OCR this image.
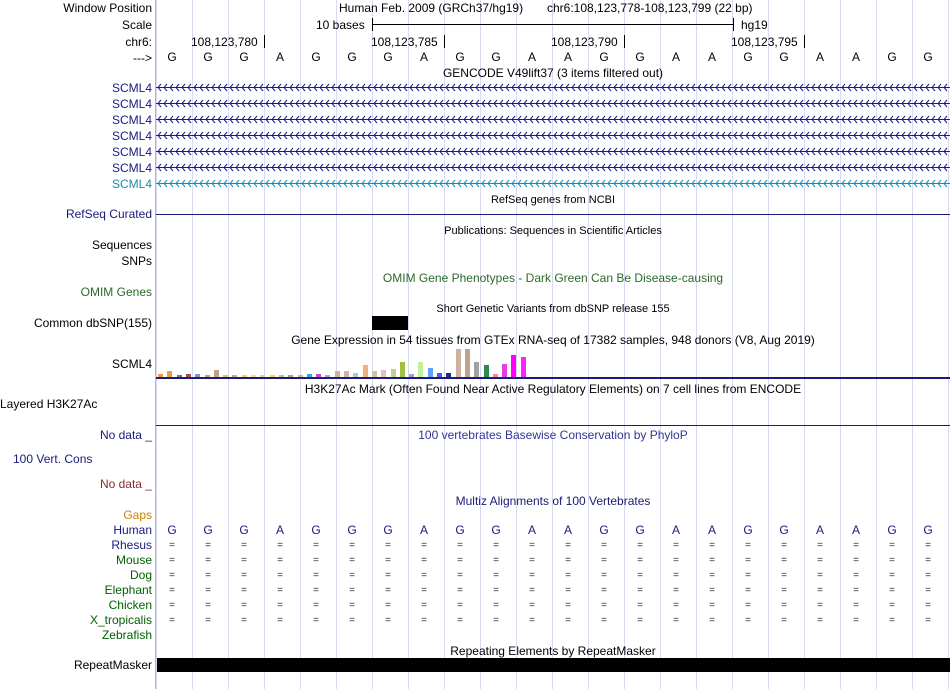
Window Position	Human Feb. 2009 (GRCh37/hg19) chr6:108,123,778-108,123,799 (22 bp)
Scale	10 bases	hg19
chr6:	108,123,780	108,123,785	108,123,790	108,123,795
--->	G	G	G	A	G	G	G	A	G	G	A	A	G	G	A	A	G	G	A	A	G	G
GENCODE V49lift37 (3 items filtered out)
SCML4
SCML4
SCML4
SCML4
SCML4
SCML4
SCML4
RefSeq genes from NCBI
RefSeq Curated
Publications: Sequences in Scientific Articles
Sequences
SNPs
OMIM Gene Phenotypes - Dark Green Can Be Disease-causing
OMIM Genes
Short Genetic Variants from dbSNP release 155
Common dbSNP(155)
Gene Expression in 54 tissues from GTEx RNA-seq of 17382 samples, 948 donors (V8, Aug 2019)
SCML4
H3K27Ac Mark (Often Found Near Active Regulatory Elements) on 7 cell lines from ENCODE
Layered H3K27Ac
No data _	100 vertebrates Basewise Conservation by PhyloP
100 Vert. Cons
No data _
Multiz Alignments of 100 Vertebrates
Gaps
Human	G	G	G	A	G	G	G	A	G	G	A	A	G	G	A	A	G	G	A	A	G	G
Rhesus	=	=	=	=	=	=	=	=	=	=	=	=	=	=	=	=	=	=	=	=	=	=
Mouse	=	=	=	=	=	=	=	=	=	=	=	=	=	=	=	=	=	=	=	=	=	=
Dog	=	=	=	=	=	=	=	=	=	=	=	=	=	=	=	=	=	=	=	=	=	=
Elephant	=	=	=	=	=	=	=	=	=	=	=	=	=	=	=	=	=	=	=	=	=	=
Chicken	=	=	=	=	=	=	=	=	=	=	=	=	=	=	=	=	=	=	=	=	=	=
X_tropicalis	=	=	=	=	=	=	=	=	=	=	=	=	=	=	=	=	=	=	=	=	=	=
Zebrafish
Repeating Elements by RepeatMasker
RepeatMasker
